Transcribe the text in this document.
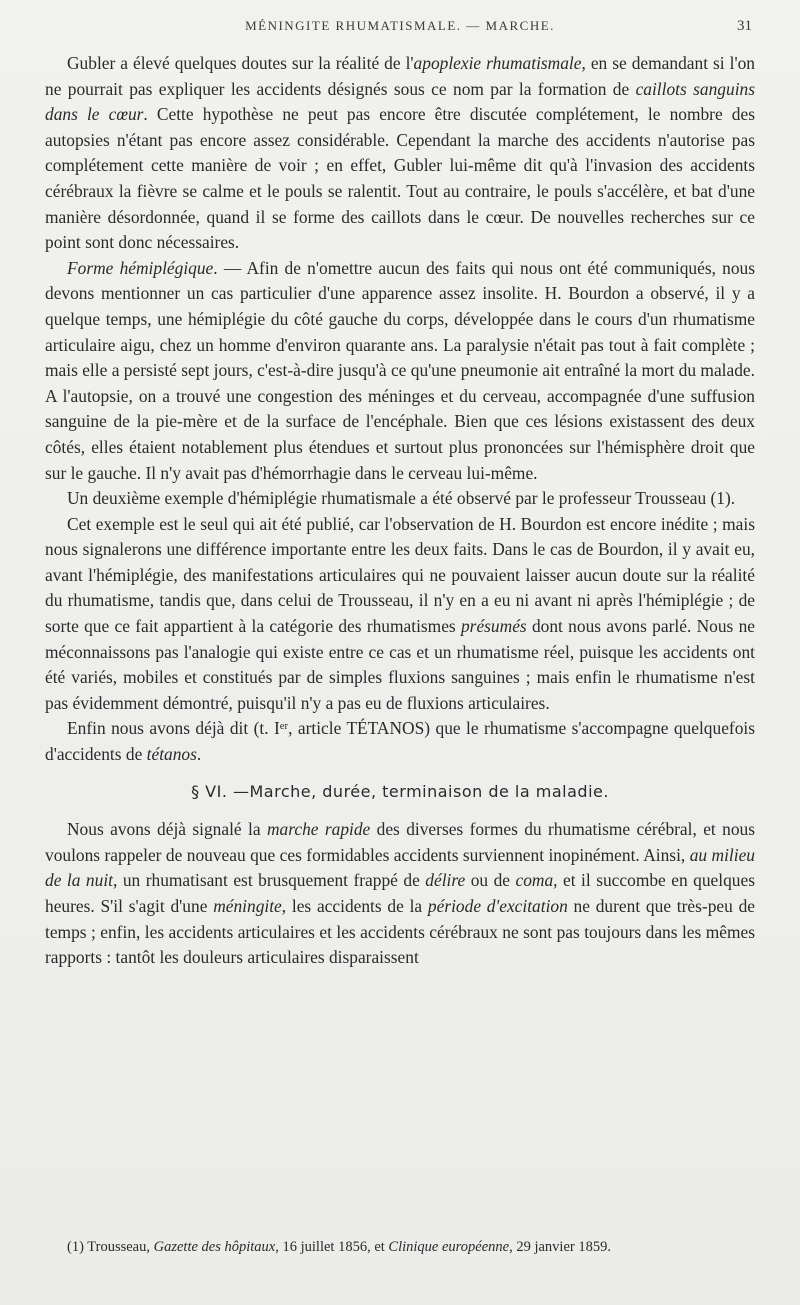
MÉNINGITE RHUMATISMALE. — MARCHE.	31

Gubler a élevé quelques doutes sur la réalité de l'apoplexie rhumatismale, en se demandant si l'on ne pourrait pas expliquer les accidents désignés sous ce nom par la formation de caillots sanguins dans le cœur. Cette hypothèse ne peut pas encore être discutée complétement, le nombre des autopsies n'étant pas encore assez considérable. Cependant la marche des accidents n'autorise pas complétement cette manière de voir ; en effet, Gubler lui-même dit qu'à l'invasion des accidents cérébraux la fièvre se calme et le pouls se ralentit. Tout au contraire, le pouls s'accélère, et bat d'une manière désordonnée, quand il se forme des caillots dans le cœur. De nouvelles recherches sur ce point sont donc nécessaires.

Forme hémiplégique. — Afin de n'omettre aucun des faits qui nous ont été communiqués, nous devons mentionner un cas particulier d'une apparence assez insolite. H. Bourdon a observé, il y a quelque temps, une hémiplégie du côté gauche du corps, développée dans le cours d'un rhumatisme articulaire aigu, chez un homme d'environ quarante ans. La paralysie n'était pas tout à fait complète ; mais elle a persisté sept jours, c'est-à-dire jusqu'à ce qu'une pneumonie ait entraîné la mort du malade. A l'autopsie, on a trouvé une congestion des méninges et du cerveau, accompagnée d'une suffusion sanguine de la pie-mère et de la surface de l'encéphale. Bien que ces lésions existassent des deux côtés, elles étaient notablement plus étendues et surtout plus prononcées sur l'hémisphère droit que sur le gauche. Il n'y avait pas d'hémorrhagie dans le cerveau lui-même.

Un deuxième exemple d'hémiplégie rhumatismale a été observé par le professeur Trousseau (1).

Cet exemple est le seul qui ait été publié, car l'observation de H. Bourdon est encore inédite ; mais nous signalerons une différence importante entre les deux faits. Dans le cas de Bourdon, il y avait eu, avant l'hémiplégie, des manifestations articulaires qui ne pouvaient laisser aucun doute sur la réalité du rhumatisme, tandis que, dans celui de Trousseau, il n'y en a eu ni avant ni après l'hémiplégie ; de sorte que ce fait appartient à la catégorie des rhumatismes présumés dont nous avons parlé. Nous ne méconnaissons pas l'analogie qui existe entre ce cas et un rhumatisme réel, puisque les accidents ont été variés, mobiles et constitués par de simples fluxions sanguines ; mais enfin le rhumatisme n'est pas évidemment démontré, puisqu'il n'y a pas eu de fluxions articulaires.

Enfin nous avons déjà dit (t. Iᵉʳ, article TÉTANOS) que le rhumatisme s'accompagne quelquefois d'accidents de tétanos.

§ VI. —Marche, durée, terminaison de la maladie.

Nous avons déjà signalé la marche rapide des diverses formes du rhumatisme cérébral, et nous voulons rappeler de nouveau que ces formidables accidents surviennent inopinément. Ainsi, au milieu de la nuit, un rhumatisant est brusquement frappé de délire ou de coma, et il succombe en quelques heures. S'il s'agit d'une méningite, les accidents de la période d'excitation ne durent que très-peu de temps ; enfin, les accidents articulaires et les accidents cérébraux ne sont pas toujours dans les mêmes rapports : tantôt les douleurs articulaires disparaissent

(1) Trousseau, Gazette des hôpitaux, 16 juillet 1856, et Clinique européenne, 29 janvier 1859.
